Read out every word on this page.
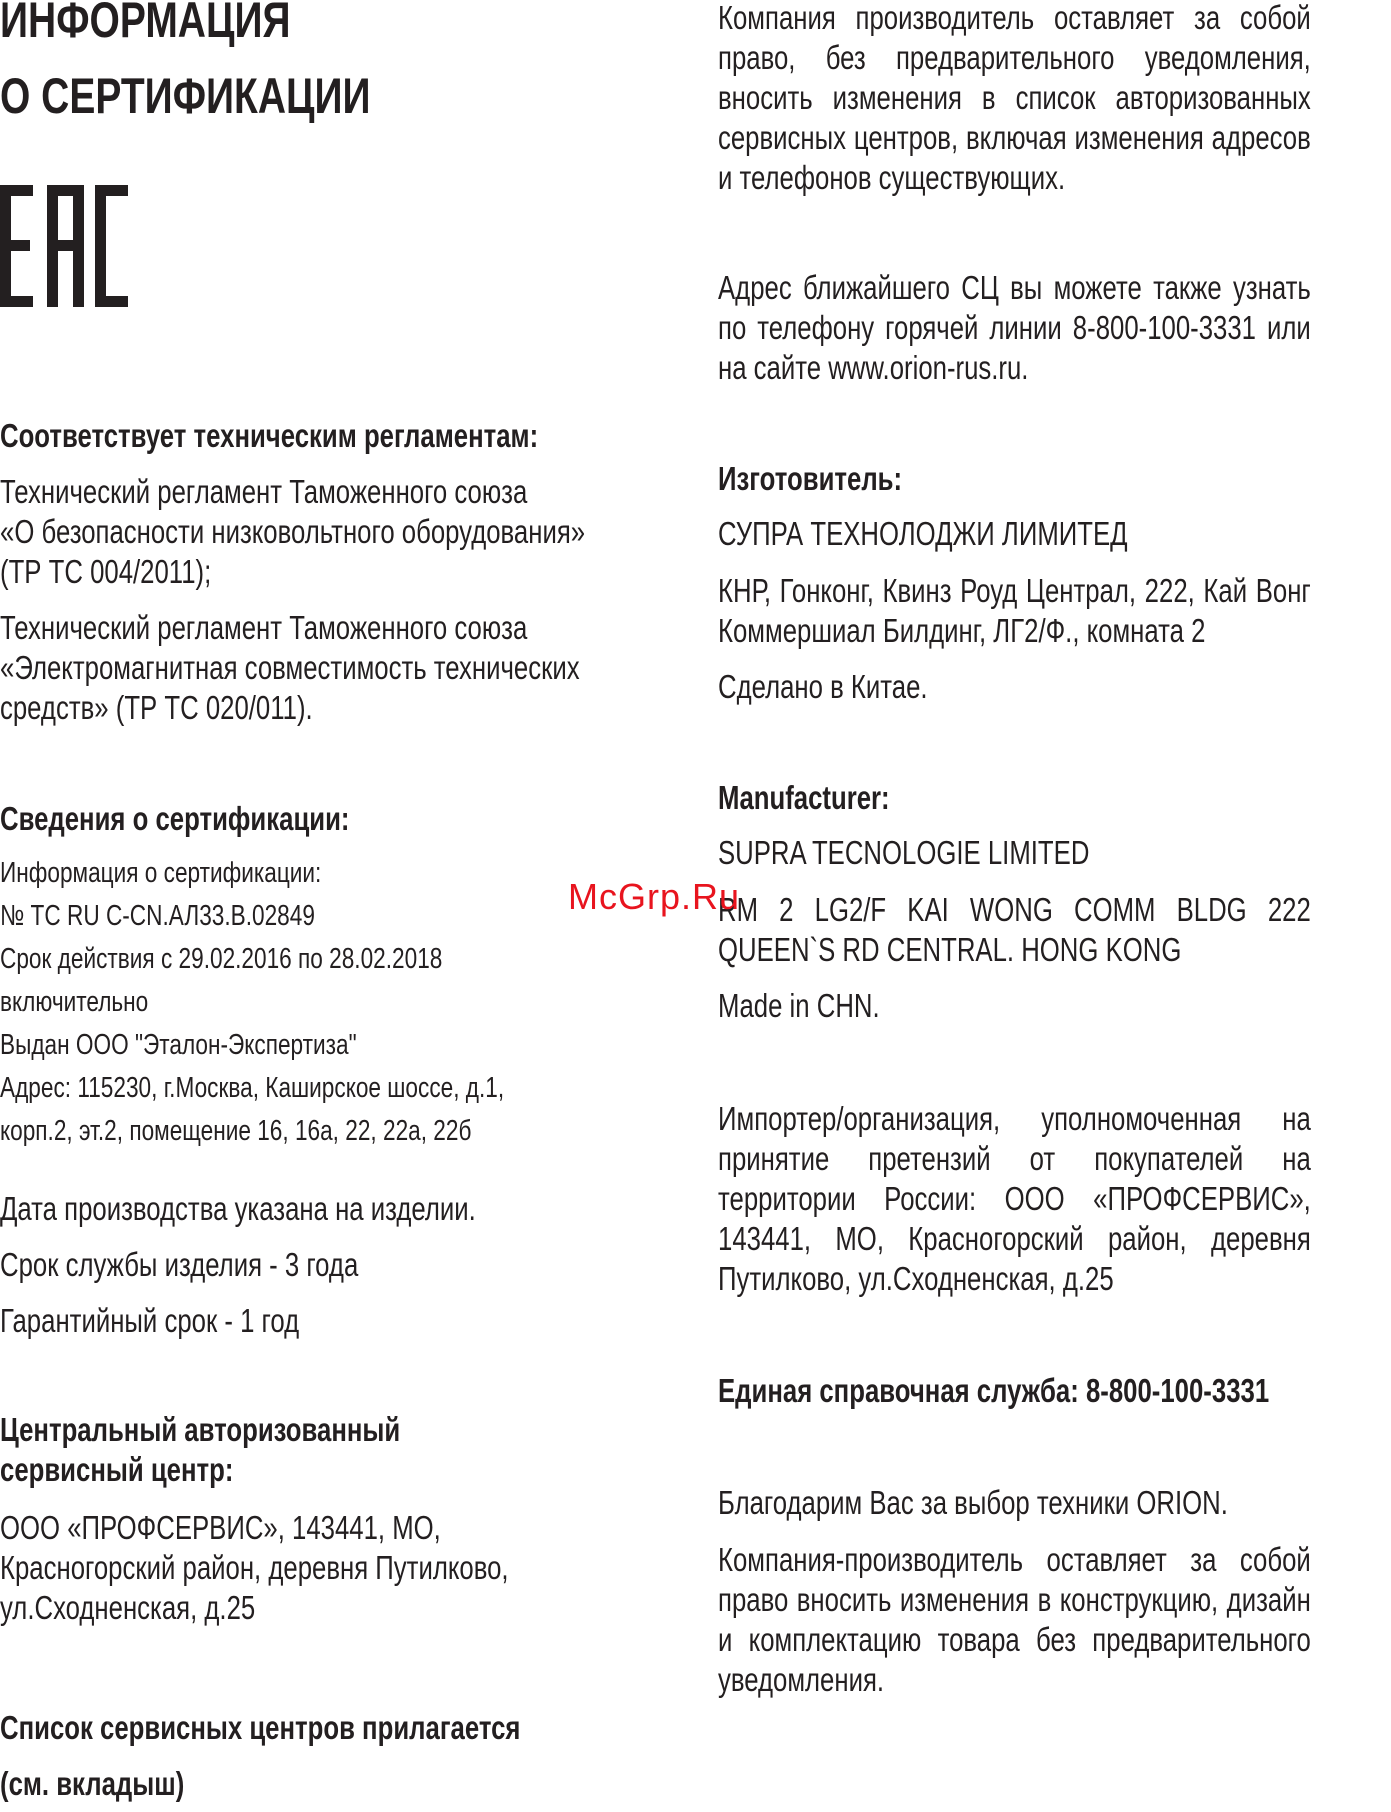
ИНФОРМАЦИЯ
О СЕРТИФИКАЦИИ
Соответствует техническим регламентам:
Технический регламент Таможенного союза
«О безопасности низковольтного оборудования»
(ТР ТС 004/2011);
Технический регламент Таможенного союза
«Электромагнитная совместимость технических
средств» (ТР ТС 020/011).
Сведения о сертификации:
Информация о сертификации:
№ ТС RU С-CN.АЛ33.В.02849
Срок действия с 29.02.2016 по 28.02.2018
включительно
Выдан ООО "Эталон-Экспертиза"
Адрес: 115230, г.Москва, Каширское шоссе, д.1,
корп.2, эт.2, помещение 16, 16а, 22, 22а, 22б
Дата производства указана на изделии.
Срок службы изделия - 3 года
Гарантийный срок - 1 год
Центральный авторизованный
сервисный центр:
ООО «ПРОФСЕРВИС», 143441, МО,
Красногорский район, деревня Путилково,
ул.Сходненская, д.25
Список сервисных центров прилагается
(см. вкладыш)
Компания производитель оставляет за собой право, без предварительного уведомления, вносить изменения в список авторизованных сервисных центров, включая изменения адресов и телефонов существующих.
Адрес ближайшего СЦ вы можете также узнать по телефону горячей линии 8-800-100-3331 или на сайте www.orion-rus.ru.
Изготовитель:
СУПРА ТЕХНОЛОДЖИ ЛИМИТЕД
КНР, Гонконг, Квинз Роуд Централ, 222, Кай Вонг Коммершиал Билдинг, ЛГ2/Ф., комната 2
Сделано в Китае.
Manufacturer:
SUPRA TECNOLOGIE LIMITED
RM 2 LG2/F KAI WONG COMM BLDG 222 QUEEN`S RD CENTRAL. HONG KONG
Made in CHN.
Импортер/организация, уполномоченная на принятие претензий от покупателей на территории России: ООО «ПРОФСЕРВИС», 143441, МО, Красногорский район, деревня Путилково, ул.Сходненская, д.25
Единая справочная служба: 8-800-100-3331
Благодарим Вас за выбор техники ORION.
Компания-производитель оставляет за собой право вносить изменения в конструкцию, дизайн и комплектацию товара без предварительного уведомления.
McGrp.Ru
